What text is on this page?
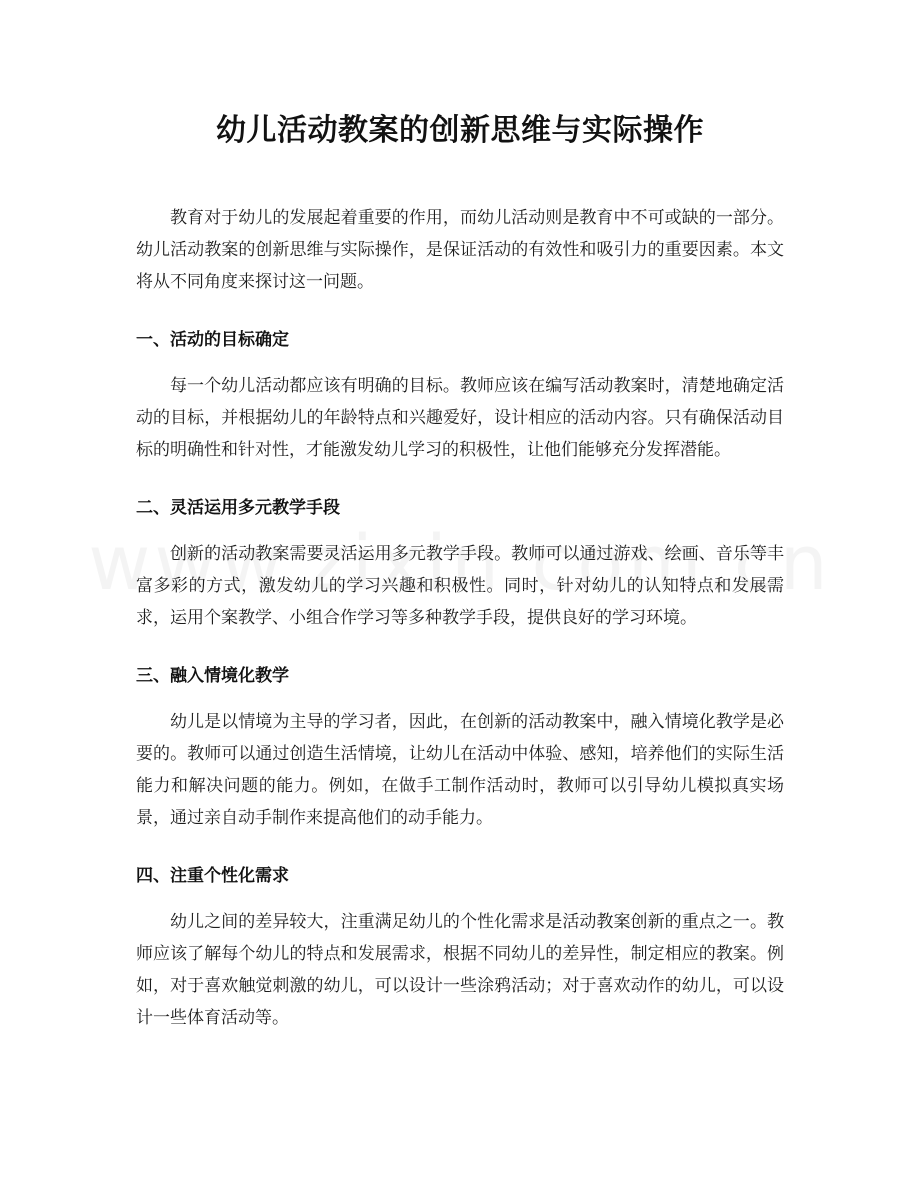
幼儿活动教案的创新思维与实际操作

教育对于幼儿的发展起着重要的作用，而幼儿活动则是教育中不可或缺的一部分。幼儿活动教案的创新思维与实际操作，是保证活动的有效性和吸引力的重要因素。本文将从不同角度来探讨这一问题。

一、活动的目标确定

每一个幼儿活动都应该有明确的目标。教师应该在编写活动教案时，清楚地确定活动的目标，并根据幼儿的年龄特点和兴趣爱好，设计相应的活动内容。只有确保活动目标的明确性和针对性，才能激发幼儿学习的积极性，让他们能够充分发挥潜能。

二、灵活运用多元教学手段

创新的活动教案需要灵活运用多元教学手段。教师可以通过游戏、绘画、音乐等丰富多彩的方式，激发幼儿的学习兴趣和积极性。同时，针对幼儿的认知特点和发展需求，运用个案教学、小组合作学习等多种教学手段，提供良好的学习环境。

三、融入情境化教学

幼儿是以情境为主导的学习者，因此，在创新的活动教案中，融入情境化教学是必要的。教师可以通过创造生活情境，让幼儿在活动中体验、感知，培养他们的实际生活能力和解决问题的能力。例如，在做手工制作活动时，教师可以引导幼儿模拟真实场景，通过亲自动手制作来提高他们的动手能力。

四、注重个性化需求

幼儿之间的差异较大，注重满足幼儿的个性化需求是活动教案创新的重点之一。教师应该了解每个幼儿的特点和发展需求，根据不同幼儿的差异性，制定相应的教案。例如，对于喜欢触觉刺激的幼儿，可以设计一些涂鸦活动；对于喜欢动作的幼儿，可以设计一些体育活动等。
